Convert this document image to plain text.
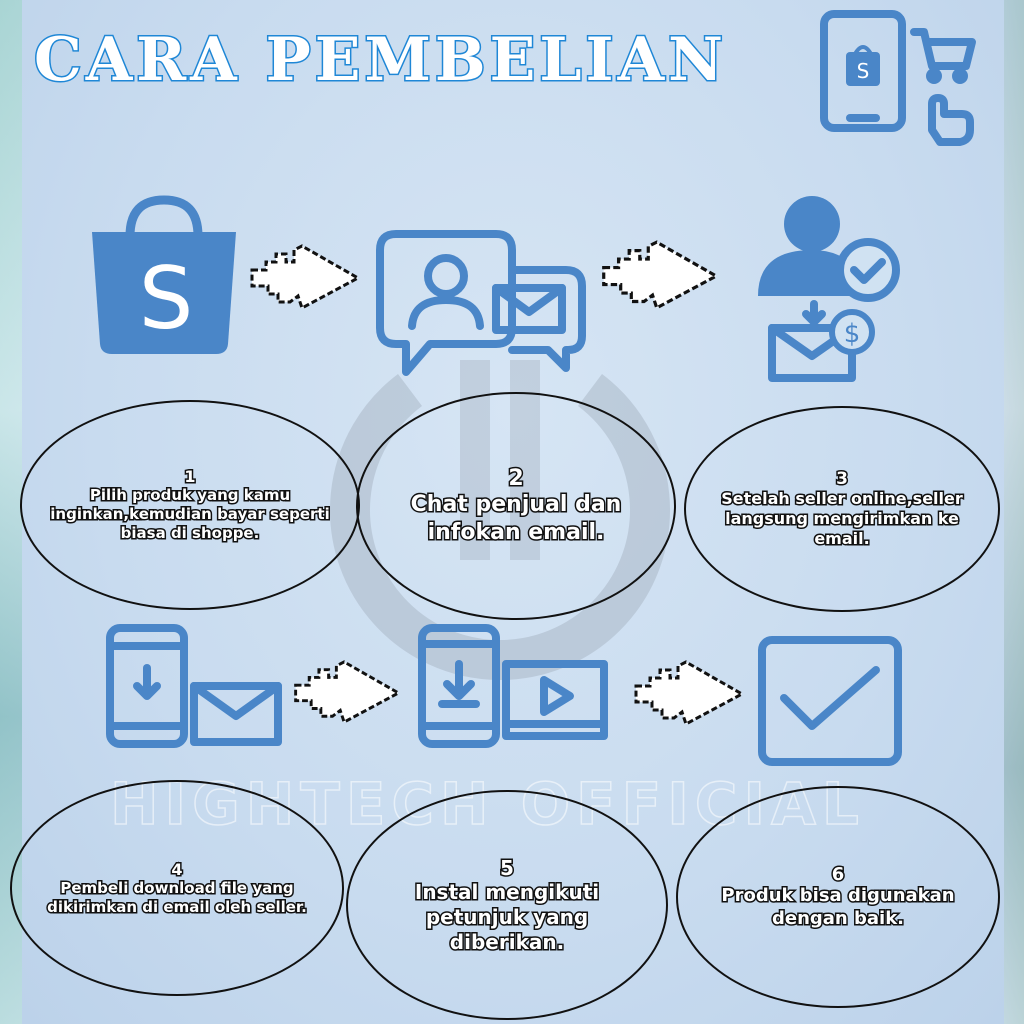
CARA PEMBELIAN	S
S	$
1
Pilih produk yang kamu inginkan,kemudian bayar seperti biasa di shoppe.
2
Chat penjual dan infokan email.
3
Setelah seller online,seller langsung mengirimkan ke email.
HIGHTECH OFFICIAL
4
Pembeli download file yang dikirimkan di email oleh seller.
5
Instal mengikuti petunjuk yang diberikan.
6
Produk bisa digunakan dengan baik.
